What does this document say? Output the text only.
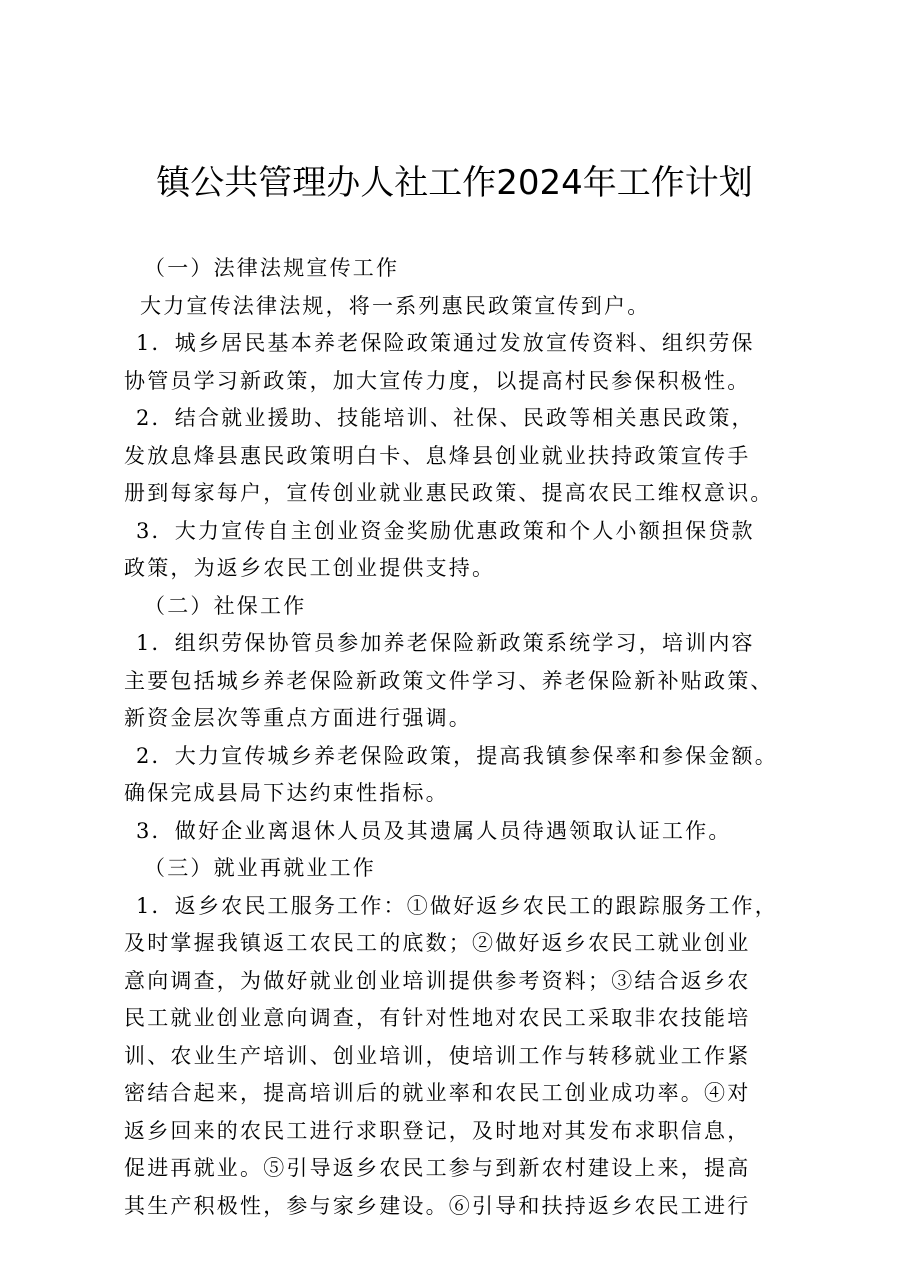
镇公共管理办人社工作2024年工作计划
（一）法律法规宣传工作
大力宣传法律法规，将一系列惠民政策宣传到户。
1．城乡居民基本养老保险政策通过发放宣传资料、组织劳保
协管员学习新政策，加大宣传力度，以提高村民参保积极性。
2．结合就业援助、技能培训、社保、民政等相关惠民政策，
发放息烽县惠民政策明白卡、息烽县创业就业扶持政策宣传手
册到每家每户，宣传创业就业惠民政策、提高农民工维权意识。
3．大力宣传自主创业资金奖励优惠政策和个人小额担保贷款
政策，为返乡农民工创业提供支持。
（二）社保工作
1．组织劳保协管员参加养老保险新政策系统学习，培训内容
主要包括城乡养老保险新政策文件学习、养老保险新补贴政策、
新资金层次等重点方面进行强调。
2．大力宣传城乡养老保险政策，提高我镇参保率和参保金额。
确保完成县局下达约束性指标。
3．做好企业离退休人员及其遗属人员待遇领取认证工作。
（三）就业再就业工作
1．返乡农民工服务工作：①做好返乡农民工的跟踪服务工作，
及时掌握我镇返工农民工的底数；②做好返乡农民工就业创业
意向调查，为做好就业创业培训提供参考资料；③结合返乡农
民工就业创业意向调查，有针对性地对农民工采取非农技能培
训、农业生产培训、创业培训，使培训工作与转移就业工作紧
密结合起来，提高培训后的就业率和农民工创业成功率。④对
返乡回来的农民工进行求职登记，及时地对其发布求职信息，
促进再就业。⑤引导返乡农民工参与到新农村建设上来，提高
其生产积极性，参与家乡建设。⑥引导和扶持返乡农民工进行
